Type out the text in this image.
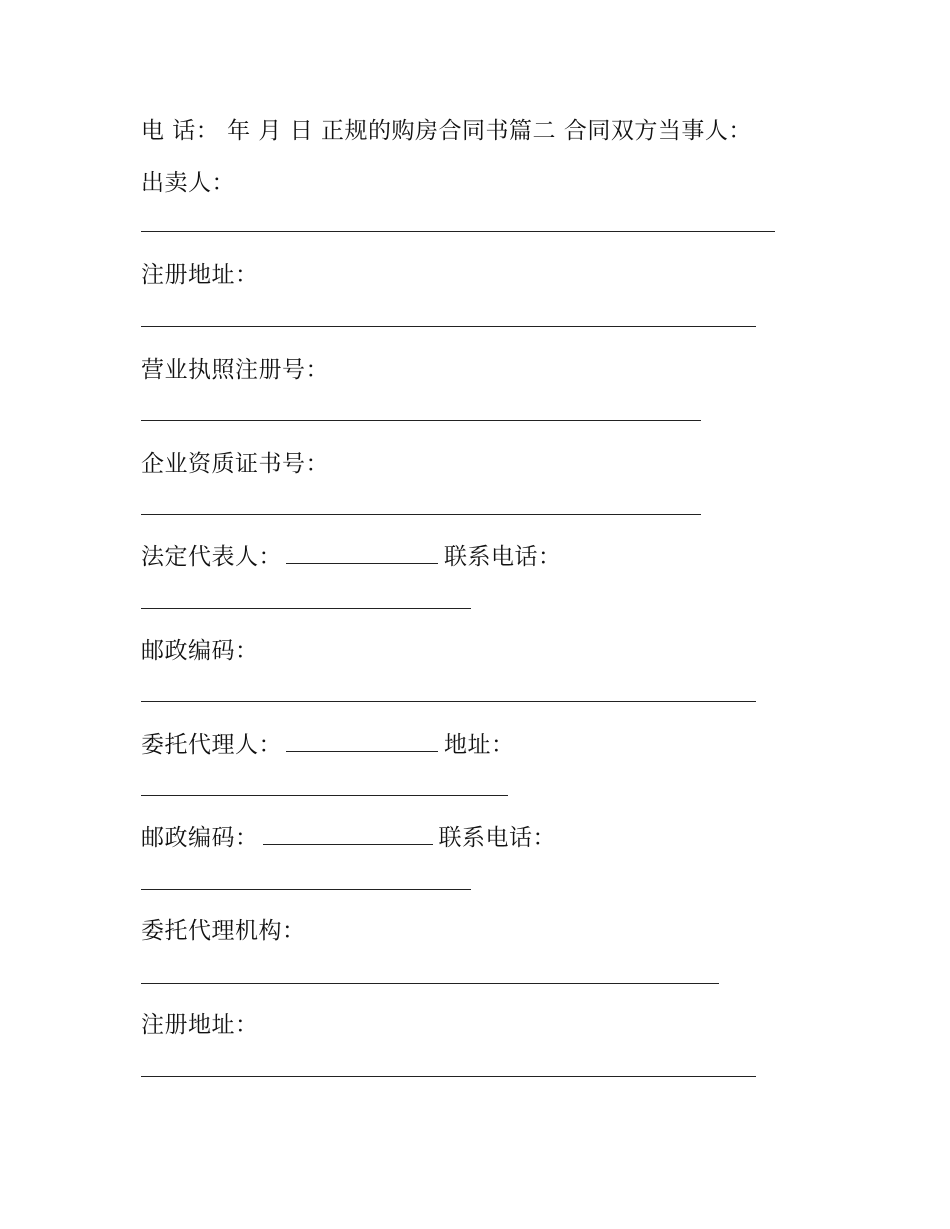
电 话： 年 月 日 正规的购房合同书篇二 合同双方当事人：
出卖人：
注册地址：
营业执照注册号：
企业资质证书号：
法定代表人：	联系电话：
邮政编码：
委托代理人：	地址：
邮政编码：	联系电话：
委托代理机构：
注册地址：
